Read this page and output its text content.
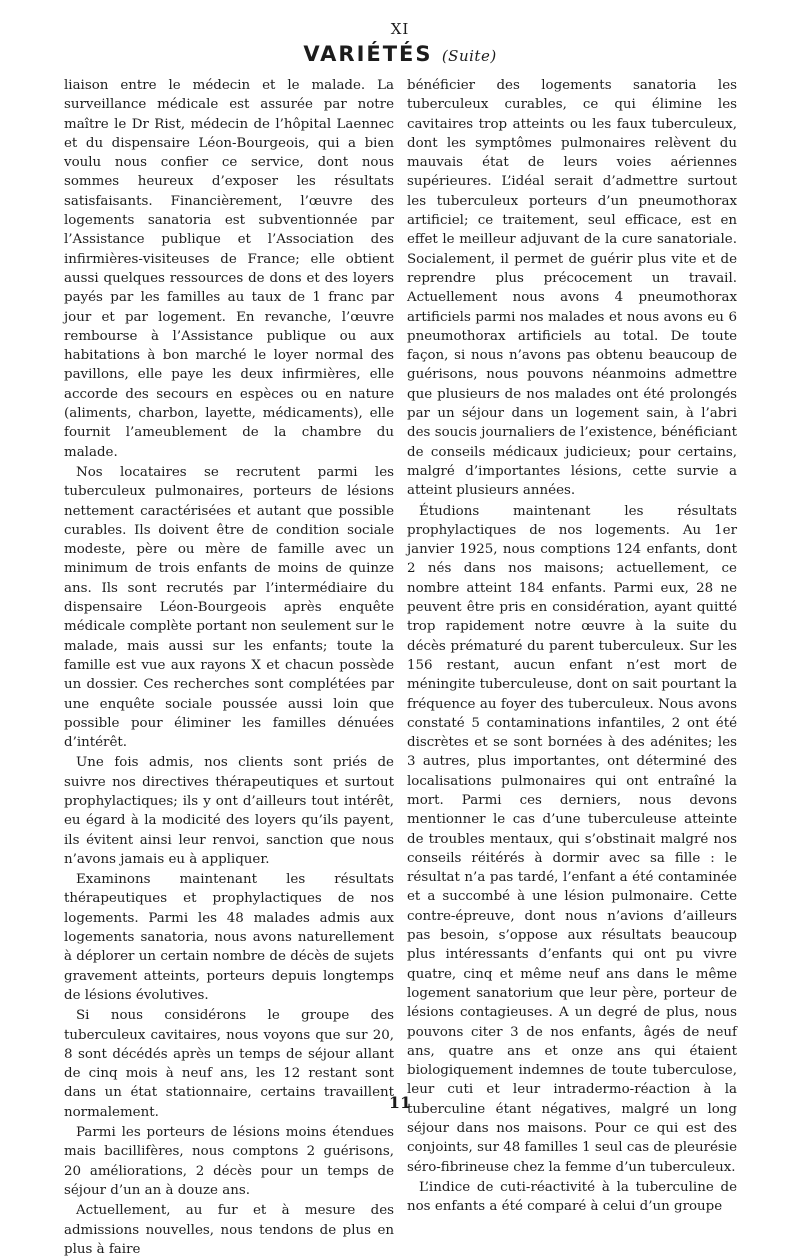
XI
VARIÉTÉS (Suite)

liaison entre le médecin et le malade. La surveillance médicale est assurée par notre maître le Dr Rist, médecin de l’hôpital Laennec et du dispensaire Léon-Bourgeois, qui a bien voulu nous confier ce service, dont nous sommes heureux d’exposer les résultats satisfaisants. Financièrement, l’œuvre des logements sanatoria est subventionnée par l’Assistance publique et l’Association des infirmières-visiteuses de France; elle obtient aussi quelques ressources de dons et des loyers payés par les familles au taux de 1 franc par jour et par logement. En revanche, l’œuvre rembourse à l’Assistance publique ou aux habitations à bon marché le loyer normal des pavillons, elle paye les deux infirmières, elle accorde des secours en espèces ou en nature (aliments, charbon, layette, médicaments), elle fournit l’ameublement de la chambre du malade.

Nos locataires se recrutent parmi les tuberculeux pulmonaires, porteurs de lésions nettement caractérisées et autant que possible curables. Ils doivent être de condition sociale modeste, père ou mère de famille avec un minimum de trois enfants de moins de quinze ans. Ils sont recrutés par l’intermédiaire du dispensaire Léon-Bourgeois après enquête médicale complète portant non seulement sur le malade, mais aussi sur les enfants; toute la famille est vue aux rayons X et chacun possède un dossier. Ces recherches sont complétées par une enquête sociale poussée aussi loin que possible pour éliminer les familles dénuées d’intérêt.

Une fois admis, nos clients sont priés de suivre nos directives thérapeutiques et surtout prophylactiques; ils y ont d’ailleurs tout intérêt, eu égard à la modicité des loyers qu’ils payent, ils évitent ainsi leur renvoi, sanction que nous n’avons jamais eu à appliquer.

Examinons maintenant les résultats thérapeutiques et prophylactiques de nos logements. Parmi les 48 malades admis aux logements sanatoria, nous avons naturellement à déplorer un certain nombre de décès de sujets gravement atteints, porteurs depuis longtemps de lésions évolutives.

Si nous considérons le groupe des tuberculeux cavitaires, nous voyons que sur 20, 8 sont décédés après un temps de séjour allant de cinq mois à neuf ans, les 12 restant sont dans un état stationnaire, certains travaillent normalement.

Parmi les porteurs de lésions moins étendues mais bacillifères, nous comptons 2 guérisons, 20 améliorations, 2 décès pour un temps de séjour d’un an à douze ans.

Actuellement, au fur et à mesure des admissions nouvelles, nous tendons de plus en plus à faire

bénéficier des logements sanatoria les tuberculeux curables, ce qui élimine les cavitaires trop atteints ou les faux tuberculeux, dont les symptômes pulmonaires relèvent du mauvais état de leurs voies aériennes supérieures. L’idéal serait d’admettre surtout les tuberculeux porteurs d’un pneumothorax artificiel; ce traitement, seul efficace, est en effet le meilleur adjuvant de la cure sanatoriale. Socialement, il permet de guérir plus vite et de reprendre plus précocement un travail. Actuellement nous avons 4 pneumothorax artificiels parmi nos malades et nous avons eu 6 pneumothorax artificiels au total. De toute façon, si nous n’avons pas obtenu beaucoup de guérisons, nous pouvons néanmoins admettre que plusieurs de nos malades ont été prolongés par un séjour dans un logement sain, à l’abri des soucis journaliers de l’existence, bénéficiant de conseils médicaux judicieux; pour certains, malgré d’importantes lésions, cette survie a atteint plusieurs années.

Étudions maintenant les résultats prophylactiques de nos logements. Au 1er janvier 1925, nous comptions 124 enfants, dont 2 nés dans nos maisons; actuellement, ce nombre atteint 184 enfants. Parmi eux, 28 ne peuvent être pris en considération, ayant quitté trop rapidement notre œuvre à la suite du décès prématuré du parent tuberculeux. Sur les 156 restant, aucun enfant n’est mort de méningite tuberculeuse, dont on sait pourtant la fréquence au foyer des tuberculeux. Nous avons constaté 5 contaminations infantiles, 2 ont été discrètes et se sont bornées à des adénites; les 3 autres, plus importantes, ont déterminé des localisations pulmonaires qui ont entraîné la mort. Parmi ces derniers, nous devons mentionner le cas d’une tuberculeuse atteinte de troubles mentaux, qui s’obstinait malgré nos conseils réitérés à dormir avec sa fille : le résultat n’a pas tardé, l’enfant a été contaminée et a succombé à une lésion pulmonaire. Cette contre-épreuve, dont nous n’avions d’ailleurs pas besoin, s’oppose aux résultats beaucoup plus intéressants d’enfants qui ont pu vivre quatre, cinq et même neuf ans dans le même logement sanatorium que leur père, porteur de lésions contagieuses. A un degré de plus, nous pouvons citer 3 de nos enfants, âgés de neuf ans, quatre ans et onze ans qui étaient biologiquement indemnes de toute tuberculose, leur cuti et leur intradermo-réaction à la tuberculine étant négatives, malgré un long séjour dans nos maisons. Pour ce qui est des conjoints, sur 48 familles 1 seul cas de pleurésie séro-fibrineuse chez la femme d’un tuberculeux.

L’indice de cuti-réactivité à la tuberculine de nos enfants a été comparé à celui d’un groupe

11
